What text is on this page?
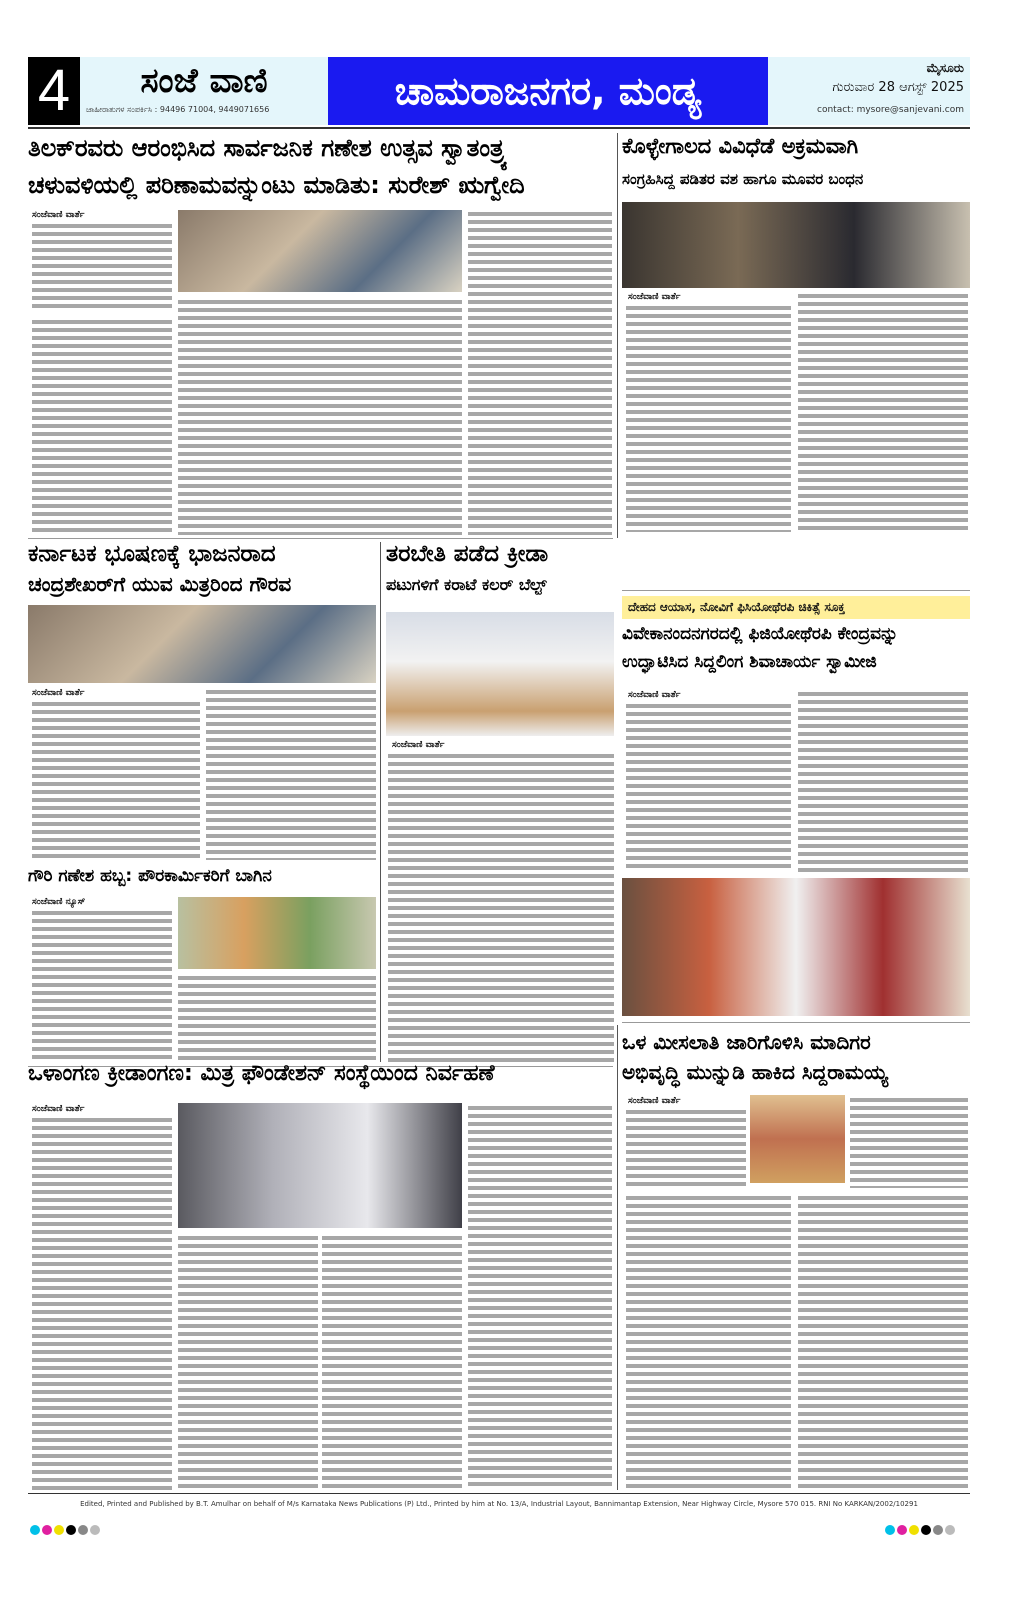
4	ಸಂಜೆ ವಾಣಿ
ಜಾಹೀರಾತುಗಳ ಸಂಪರ್ಕಿಸಿ : 94496 71004, 9449071656	ಚಾಮರಾಜನಗರ, ಮಂಡ್ಯ
ಮೈಸೂರು
ಗುರುವಾರ 28 ಆಗಸ್ಟ್ 2025
contact: mysore@sanjevani.com
ತಿಲಕ್‌ರವರು ಆರಂಭಿಸಿದ ಸಾರ್ವಜನಿಕ ಗಣೇಶ ಉತ್ಸವ ಸ್ವಾತಂತ್ರ್ಯ
ಚಳುವಳಿಯಲ್ಲಿ ಪರಿಣಾಮವನ್ನುಂಟು ಮಾಡಿತು: ಸುರೇಶ್ ಋಗ್ವೇದಿ
ಸಂಜೆವಾಣಿ ವಾರ್ತೆ
ಕೊಳ್ಳೇಗಾಲದ ವಿವಿಧೆಡೆ ಅಕ್ರಮವಾಗಿ
ಸಂಗ್ರಹಿಸಿದ್ದ ಪಡಿತರ ವಶ ಹಾಗೂ ಮೂವರ ಬಂಧನ
ಸಂಜೆವಾಣಿ ವಾರ್ತೆ
ಕರ್ನಾಟಕ ಭೂಷಣಕ್ಕೆ ಭಾಜನರಾದ
ಚಂದ್ರಶೇಖರ್‌ಗೆ ಯುವ ಮಿತ್ರರಿಂದ ಗೌರವ
ಸಂಜೆವಾಣಿ ವಾರ್ತೆ
ಗೌರಿ ಗಣೇಶ ಹಬ್ಬ: ಪೌರಕಾರ್ಮಿಕರಿಗೆ ಬಾಗಿನ
ಸಂಜೆವಾಣಿ ನ್ಯೂಸ್
ತರಬೇತಿ ಪಡೆದ ಕ್ರೀಡಾ
ಪಟುಗಳಿಗೆ ಕರಾಟೆ ಕಲರ್ ಬೆಲ್ಟ್
ಸಂಜೆವಾಣಿ ವಾರ್ತೆ
ದೇಹದ ಆಯಾಸ, ನೋವಿಗೆ ಫಿಸಿಯೋಥೆರಪಿ ಚಿಕಿತ್ಸೆ ಸೂಕ್ತ
ವಿವೇಕಾನಂದನಗರದಲ್ಲಿ ಫಿಜಿಯೋಥೆರಪಿ ಕೇಂದ್ರವನ್ನು
ಉದ್ಘಾಟಿಸಿದ ಸಿದ್ದಲಿಂಗ ಶಿವಾಚಾರ್ಯ ಸ್ವಾಮೀಜಿ
ಸಂಜೆವಾಣಿ ವಾರ್ತೆ
ಒಳ ಮೀಸಲಾತಿ ಜಾರಿಗೊಳಿಸಿ ಮಾದಿಗರ
ಅಭಿವೃದ್ಧಿ ಮುನ್ನುಡಿ ಹಾಕಿದ ಸಿದ್ದರಾಮಯ್ಯ
ಸಂಜೆವಾಣಿ ವಾರ್ತೆ
ಒಳಾಂಗಣ ಕ್ರೀಡಾಂಗಣ: ಮಿತ್ರ ಫೌಂಡೇಶನ್ ಸಂಸ್ಥೆಯಿಂದ ನಿರ್ವಹಣೆ
ಸಂಜೆವಾಣಿ ವಾರ್ತೆ
Edited, Printed and Published by B.T. Amulhar on behalf of M/s Karnataka News Publications (P) Ltd., Printed by him at No. 13/A, Industrial Layout, Bannimantap Extension, Near Highway Circle, Mysore 570 015. RNI No KARKAN/2002/10291
